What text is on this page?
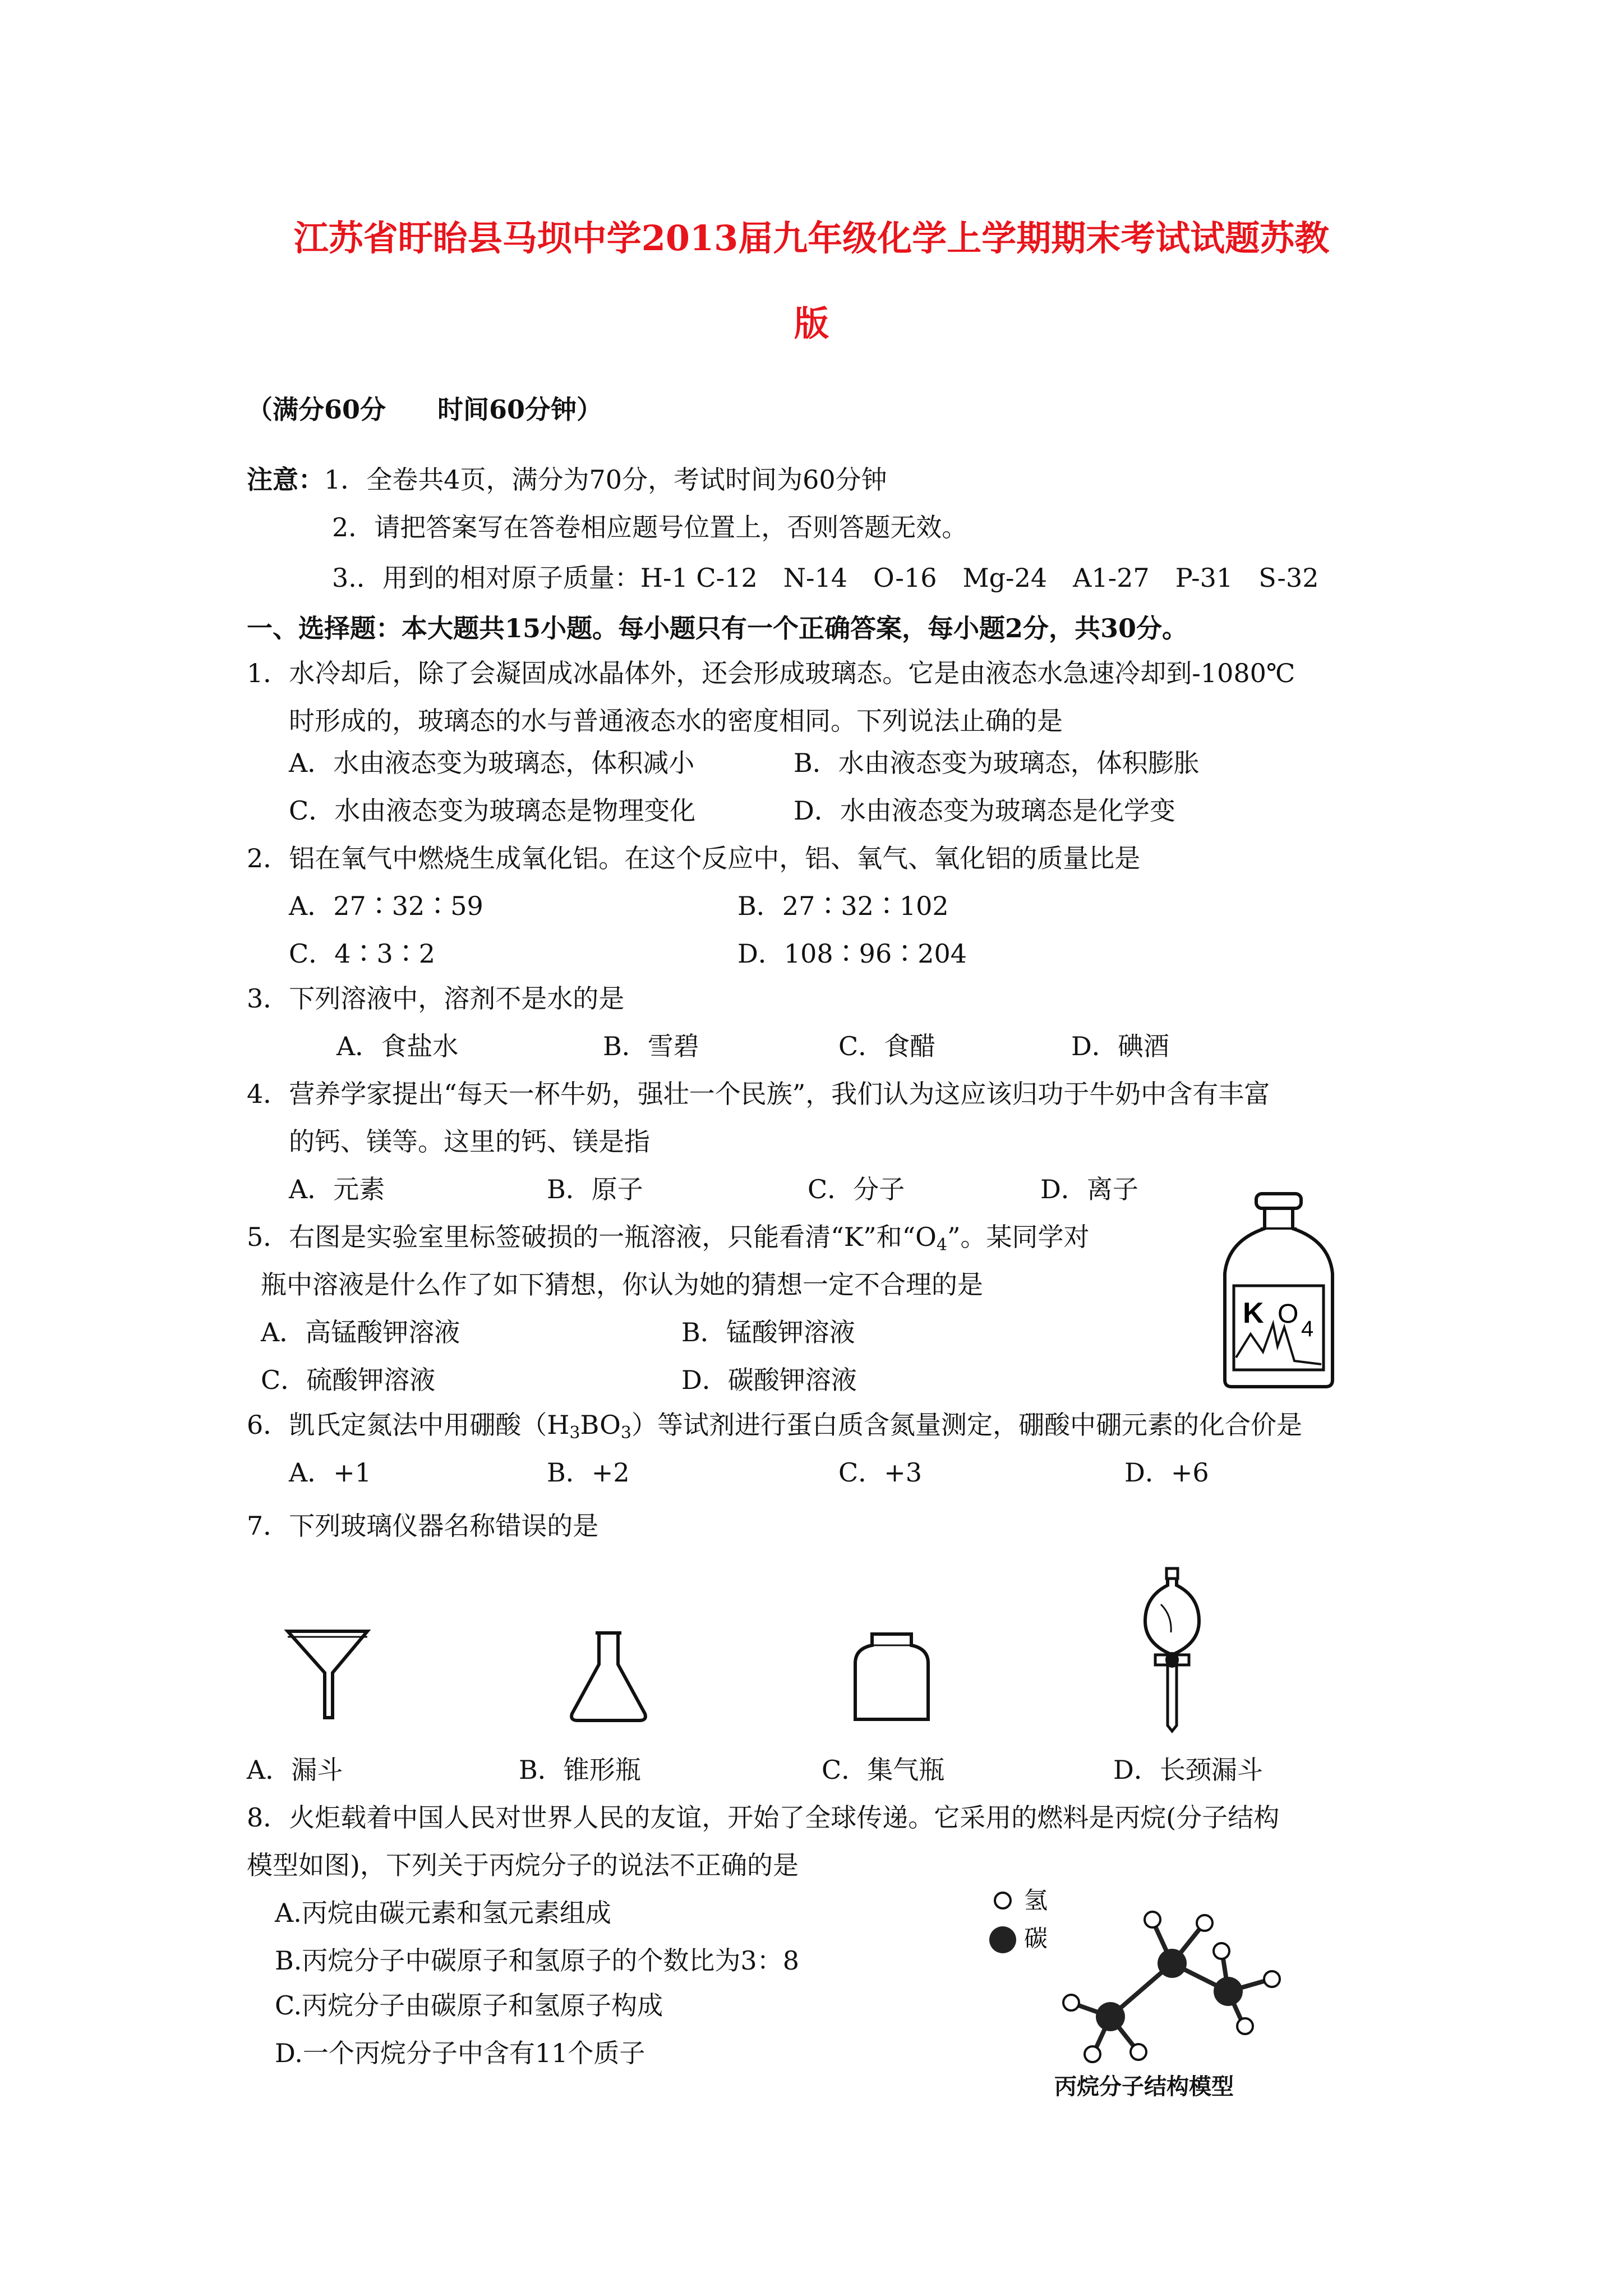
江苏省盱眙县马坝中学2013届九年级化学上学期期末考试试题苏教
版
（满分60分　　时间60分钟）
注意：1．全卷共4页，满分为70分，考试时间为60分钟
2．请把答案写在答卷相应题号位置上，否则答题无效。
3.．用到的相对原子质量：H-1 C-12　N-14　O-16　Mg-24　A1-27　P-31　S-32
一、选择题：本大题共15小题。每小题只有一个正确答案，每小题2分，共30分。
1．水冷却后，除了会凝固成冰晶体外，还会形成玻璃态。它是由液态水急速冷却到-1080℃
时形成的，玻璃态的水与普通液态水的密度相同。下列说法止确的是
A．水由液态变为玻璃态，体积减小	B．水由液态变为玻璃态，体积膨胀
C．水由液态变为玻璃态是物理变化	D．水由液态变为玻璃态是化学变
2．铝在氧气中燃烧生成氧化铝。在这个反应中，铝、氧气、氧化铝的质量比是
A．27∶32∶59	B．27∶32∶102
C．4∶3∶2	D．108∶96∶204
3．下列溶液中，溶剂不是水的是
A．食盐水	B．雪碧	C．食醋	D．碘酒
4．营养学家提出“每天一杯牛奶，强壮一个民族”，我们认为这应该归功于牛奶中含有丰富
的钙、镁等。这里的钙、镁是指
A．元素	B．原子	C．分子	D．离子
5．右图是实验室里标签破损的一瓶溶液，只能看清“K”和“$O_4$”。某同学对
瓶中溶液是什么作了如下猜想，你认为她的猜想一定不合理的是
A．高锰酸钾溶液	B．锰酸钾溶液
C．硫酸钾溶液	D．碳酸钾溶液
K O 4
6．凯氏定氮法中用硼酸$(H_3BO_3)$等试剂进行蛋白质含氮量测定，硼酸中硼元素的化合价是
A．+1	B．+2	C．+3	D．+6
7．下列玻璃仪器名称错误的是
A．漏斗	B．锥形瓶	C．集气瓶	D．长颈漏斗
8．火炬载着中国人民对世界人民的友谊，开始了全球传递。它采用的燃料是丙烷(分子结构
模型如图)，下列关于丙烷分子的说法不正确的是
A.丙烷由碳元素和氢元素组成
B.丙烷分子中碳原子和氢原子的个数比为3：8
C.丙烷分子由碳原子和氢原子构成
D.一个丙烷分子中含有11个质子
氢
碳
丙烷分子结构模型
